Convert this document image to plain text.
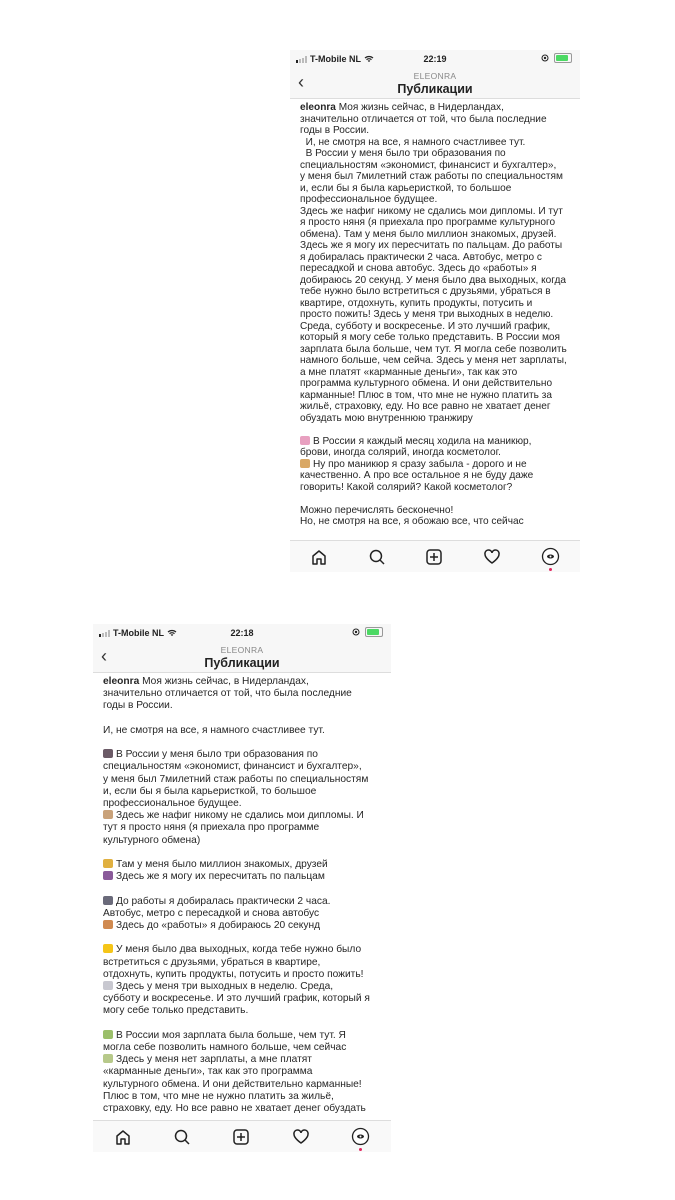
T-Mobile NL	22:19
‹	ELEONRA
Публикации
eleonra Моя жизнь сейчас, в Нидерландах,
значительно отличается от той, что была последние
годы в России.
И, не смотря на все, я намного счастливее тут.
В России у меня было три образования по
специальностям «экономист, финансист и бухгалтер»,
у меня был 7милетний стаж работы по специальностям
и, если бы я была карьеристкой, то большое
профессиональное будущее.
Здесь же нафиг никому не сдались мои дипломы. И тут
я просто няня (я приехала про программе культурного
обмена). Там у меня было миллион знакомых, друзей.
Здесь же я могу их пересчитать по пальцам. До работы
я добиралась практически 2 часа. Автобус, метро с
пересадкой и снова автобус. Здесь до «работы» я
добираюсь 20 секунд. У меня было два выходных, когда
тебе нужно было встретиться с друзьями, убраться в
квартире, отдохнуть, купить продукты, потусить и
просто пожить! Здесь у меня три выходных в неделю.
Среда, субботу и воскресенье. И это лучший график,
который я могу себе только представить. В России моя
зарплата была больше, чем тут. Я могла себе позволить
намного больше, чем сейча. Здесь у меня нет зарплаты,
а мне платят «карманные деньги», так как это
программа культурного обмена. И они действительно
карманные! Плюс в том, что мне не нужно платить за
жильё, страховку, еду. Но все равно не хватает денег
обуздать мою внутреннюю транжиру
В России я каждый месяц ходила на маникюр,
брови, иногда солярий, иногда косметолог.
Ну про маникюр я сразу забыла - дорого и не
качественно. А про все остальное я не буду даже
говорить! Какой солярий? Какой косметолог?
Можно перечислять бесконечно!
Но, не смотря на все, я обожаю все, что сейчас
T-Mobile NL	22:18
‹	ELEONRA
Публикации
eleonra Моя жизнь сейчас, в Нидерландах,
значительно отличается от той, что была последние
годы в России.
И, не смотря на все, я намного счастливее тут.
В России у меня было три образования по
специальностям «экономист, финансист и бухгалтер»,
у меня был 7милетний стаж работы по специальностям
и, если бы я была карьеристкой, то большое
профессиональное будущее.
Здесь же нафиг никому не сдались мои дипломы. И
тут я просто няня (я приехала про программе
культурного обмена)
Там у меня было миллион знакомых, друзей
Здесь же я могу их пересчитать по пальцам
До работы я добиралась практически 2 часа.
Автобус, метро с пересадкой и снова автобус
Здесь до «работы» я добираюсь 20 секунд
У меня было два выходных, когда тебе нужно было
встретиться с друзьями, убраться в квартире,
отдохнуть, купить продукты, потусить и просто пожить!
Здесь у меня три выходных в неделю. Среда,
субботу и воскресенье. И это лучший график, который я
могу себе только представить.
В России моя зарплата была больше, чем тут. Я
могла себе позволить намного больше, чем сейчас
Здесь у меня нет зарплаты, а мне платят
«карманные деньги», так как это программа
культурного обмена. И они действительно карманные!
Плюс в том, что мне не нужно платить за жильё,
страховку, еду. Но все равно не хватает денег обуздать
